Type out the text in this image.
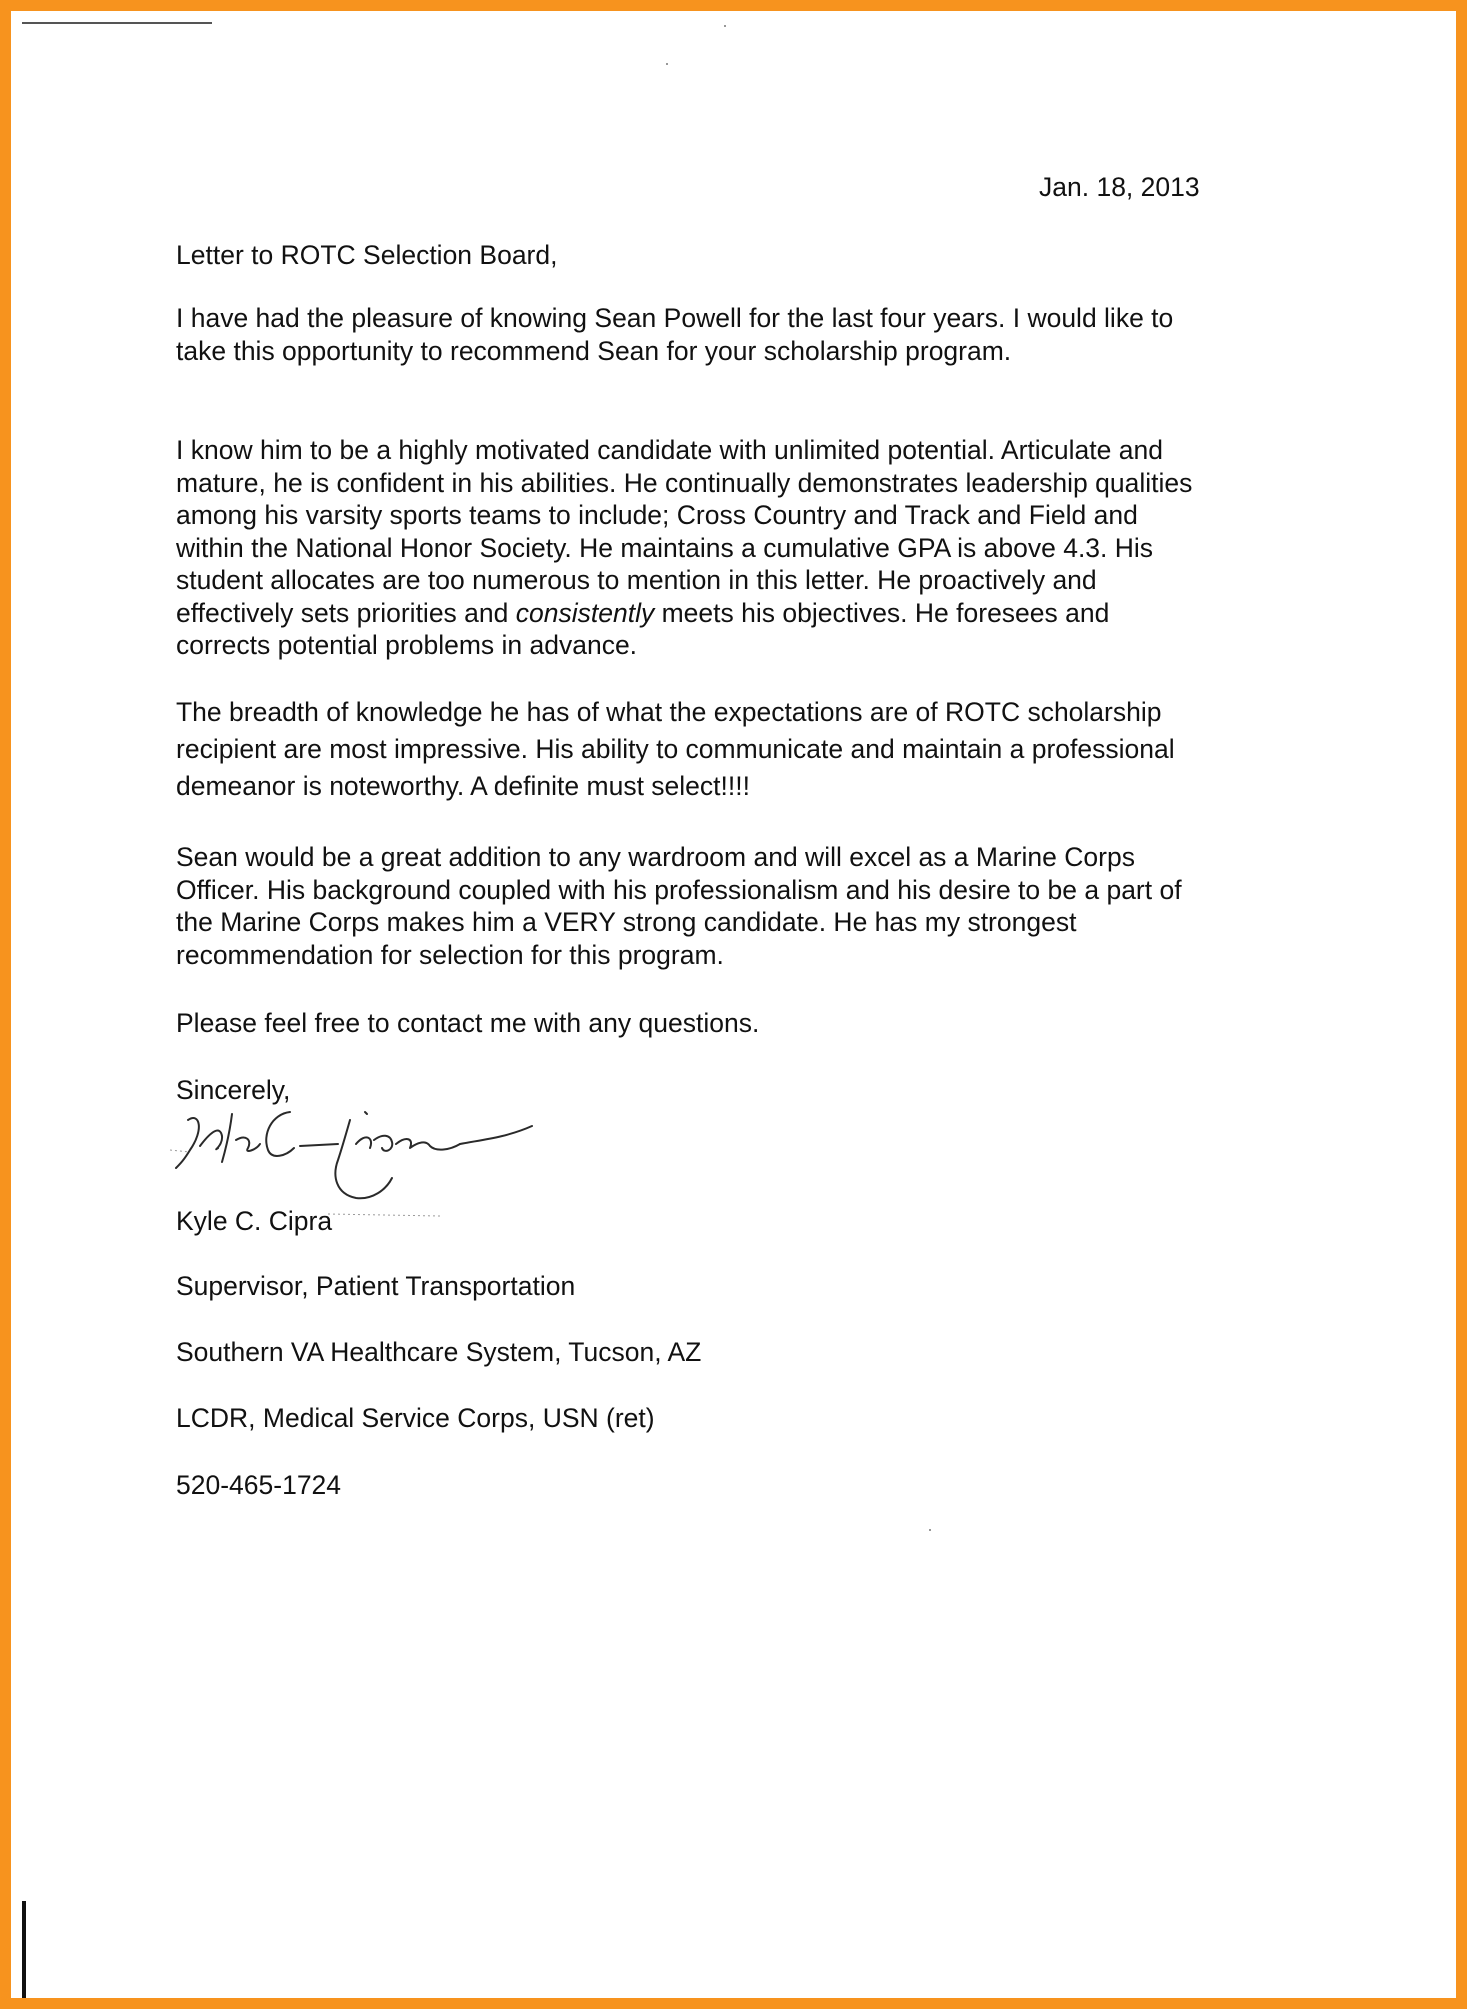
Jan. 18, 2013
Letter to ROTC Selection Board,

I have had the pleasure of knowing Sean Powell for the last four years. I would like to
take this opportunity to recommend Sean for your scholarship program.

I know him to be a highly motivated candidate with unlimited potential. Articulate and
mature, he is confident in his abilities. He continually demonstrates leadership qualities
among his varsity sports teams to include; Cross Country and Track and Field and
within the National Honor Society. He maintains a cumulative GPA is above 4.3. His
student allocates are too numerous to mention in this letter. He proactively and
effectively sets priorities and consistently meets his objectives. He foresees and
corrects potential problems in advance.

The breadth of knowledge he has of what the expectations are of ROTC scholarship
recipient are most impressive. His ability to communicate and maintain a professional
demeanor is noteworthy. A definite must select!!!!

Sean would be a great addition to any wardroom and will excel as a Marine Corps
Officer. His background coupled with his professionalism and his desire to be a part of
the Marine Corps makes him a VERY strong candidate. He has my strongest
recommendation for selection for this program.

Please feel free to contact me with any questions.

Sincerely,
Kyle C. Cipra
Supervisor, Patient Transportation
Southern VA Healthcare System, Tucson, AZ
LCDR, Medical Service Corps, USN (ret)
520-465-1724
